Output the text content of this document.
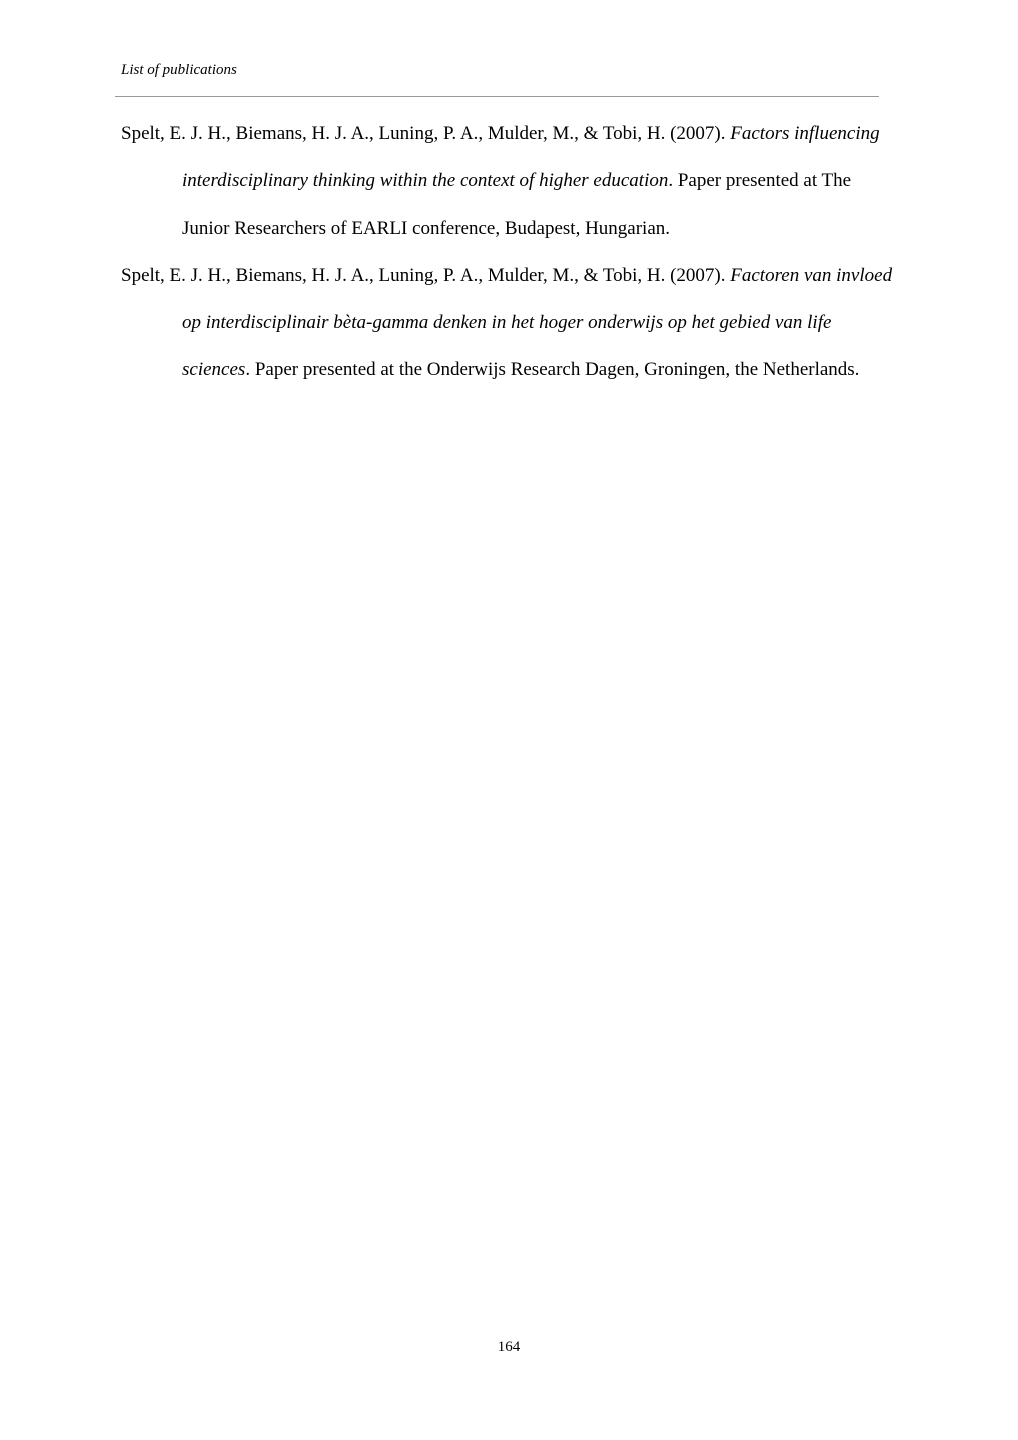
List of publications
Spelt, E. J. H., Biemans, H. J. A., Luning, P. A., Mulder, M., & Tobi, H. (2007). Factors influencing interdisciplinary thinking within the context of higher education. Paper presented at The Junior Researchers of EARLI conference, Budapest, Hungarian.
Spelt, E. J. H., Biemans, H. J. A., Luning, P. A., Mulder, M., & Tobi, H. (2007). Factoren van invloed op interdisciplinair bèta-gamma denken in het hoger onderwijs op het gebied van life sciences. Paper presented at the Onderwijs Research Dagen, Groningen, the Netherlands.
164
